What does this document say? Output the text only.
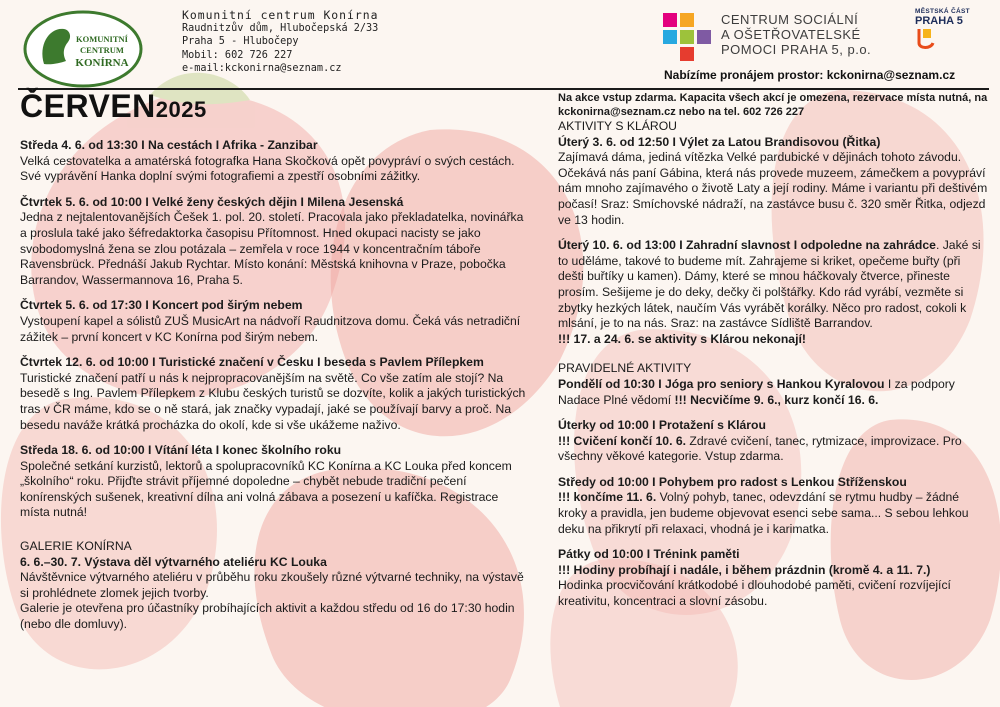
KOMUNITNÍ
CENTRUM
KONÍRNA
Komunitní centrum Konírna
Raudnitzův dům, Hlubočepská 2/33
Praha 5 - Hlubočepy
Mobil: 602 726 227
e-mail:kckonirna@seznam.cz
CENTRUM SOCIÁLNÍ
A OŠETŘOVATELSKÉ
POMOCI PRAHA 5, p.o.
MĚSTSKÁ ČÁST
PRAHA 5
Nabízíme pronájem prostor: kckonirna@seznam.cz
ČERVEN2025

Středa 4. 6. od 13:30 I Na cestách I Afrika - Zanzibar

Velká cestovatelka a amatérská fotografka Hana Skočková opět povypráví o svých cestách. Své vyprávění Hanka doplní svými fotografiemi a zpestří osobními zážitky.

Čtvrtek 5. 6. od 10:00 I Velké ženy českých dějin I Milena Jesenská

Jedna z nejtalentovanějších Češek 1. pol. 20. století. Pracovala jako překladatelka, novinářka a proslula také jako šéfredaktorka časopisu Přítomnost. Hned okupaci nacisty se jako svobodomyslná žena se zlou potázala – zemřela v roce 1944 v koncentračním táboře Ravensbrück. Přednáší Jakub Rychtar. Místo konání: Městská knihovna v Praze, pobočka Barrandov, Wassermannova 16, Praha 5.

Čtvrtek 5. 6. od 17:30 I Koncert pod širým nebem

Vystoupení kapel a sólistů ZUŠ MusicArt na nádvoří Raudnitzova domu. Čeká vás netradiční zážitek – první koncert v KC Konírna pod širým nebem.

Čtvrtek 12. 6. od 10:00 I Turistické značení v Česku I beseda s Pavlem Přílepkem

Turistické značení patří u nás k nejpropracovanějším na světě. Co vše zatím ale stojí? Na besedě s Ing. Pavlem Přílepkem z Klubu českých turistů se dozvíte, kolik a jakých turistických tras v ČR máme, kdo se o ně stará, jak značky vypadají, jaké se používají barvy a proč. Na besedu naváže krátká procházka do okolí, kde si vše ukážeme naživo.

Středa 18. 6. od 10:00 I Vítání léta I konec školního roku

Společné setkání kurzistů, lektorů a spolupracovníků KC Konírna a KC Louka před koncem „školního“ roku. Přijďte strávit příjemné dopoledne – chybět nebude tradiční pečení konírenských sušenek, kreativní dílna ani volná zábava a posezení u kafíčka. Registrace místa nutná!

GALERIE KONÍRNA

6. 6.–30. 7. Výstava děl výtvarného ateliéru KC Louka

Návštěvnice výtvarného ateliéru v průběhu roku zkoušely různé výtvarné techniky, na výstavě si prohlédnete zlomek jejich tvorby.

Galerie je otevřena pro účastníky probíhajících aktivit a každou středu od 16 do 17:30 hodin (nebo dle domluvy).

Na akce vstup zdarma. Kapacita všech akcí je omezena, rezervace místa nutná, na kckonirna@seznam.cz nebo na tel. 602 726 227

AKTIVITY S KLÁROU

Úterý 3. 6. od 12:50 I Výlet za Latou Brandisovou (Řitka)

Zajímavá dáma, jediná vítězka Velké pardubické v dějinách tohoto závodu. Očekává nás paní Gábina, která nás provede muzeem, zámečkem a povypráví nám mnoho zajímavého o životě Laty a její rodiny. Máme i variantu při deštivém počasí! Sraz: Smíchovské nádraží, na zastávce busu č. 320 směr Řitka, odjezd ve 13 hodin.

Úterý 10. 6. od 13:00 I Zahradní slavnost I odpoledne na zahrádce. Jaké si to uděláme, takové to budeme mít. Zahrajeme si kriket, opečeme buřty (při dešti buřtíky u kamen). Dámy, které se mnou háčkovaly čtverce, přineste prosím. Sešijeme je do deky, dečky či polštářky. Kdo rád vyrábí, vezměte si zbytky hezkých látek, naučím Vás vyrábět korálky. Něco pro radost, cokoli k mlsání, je to na nás. Sraz: na zastávce Sídliště Barrandov.

!!! 17. a 24. 6. se aktivity s Klárou nekonají!

PRAVIDELNÉ AKTIVITY

Pondělí od 10:30 I Jóga pro seniory s Hankou Kyralovou I za podpory Nadace Plné vědomí !!! Necvičíme 9. 6., kurz končí 16. 6.

Úterky od 10:00 I Protažení s Klárou

!!! Cvičení končí 10. 6. Zdravé cvičení, tanec, rytmizace, improvizace. Pro všechny věkové kategorie. Vstup zdarma.

Středy od 10:00 I Pohybem pro radost s Lenkou Stříženskou

!!! končíme 11. 6. Volný pohyb, tanec, odevzdání se rytmu hudby – žádné kroky a pravidla, jen budeme objevovat esenci sebe sama... S sebou lehkou deku na přikrytí při relaxaci, vhodná je i karimatka.

Pátky od 10:00 I Trénink paměti

!!! Hodiny probíhají i nadále, i během prázdnin (kromě 4. a 11. 7.)

Hodinka procvičování krátkodobé i dlouhodobé paměti, cvičení rozvíjející kreativitu, koncentraci a slovní zásobu.
